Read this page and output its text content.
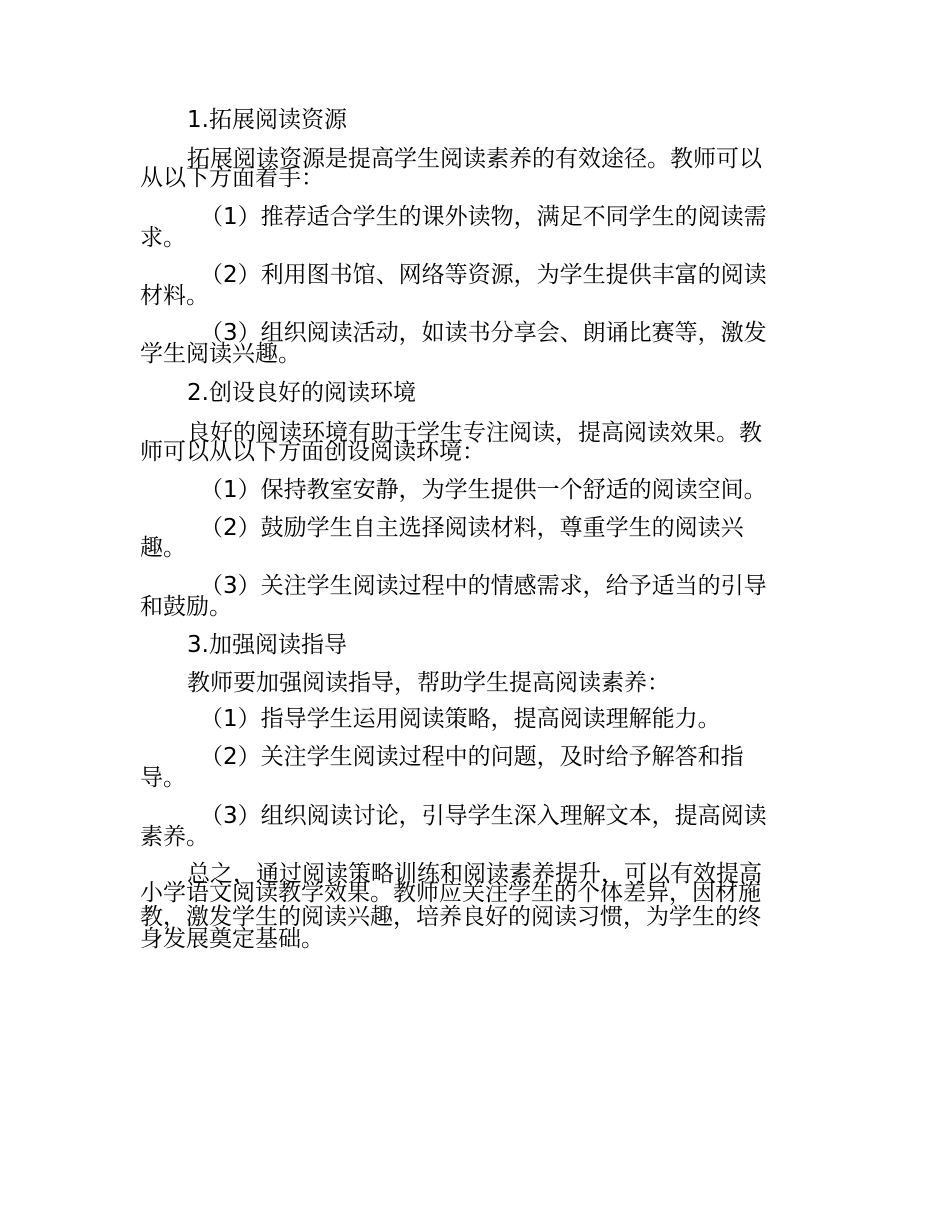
1.拓展阅读资源
拓展阅读资源是提高学生阅读素养的有效途径。教师可以
从以下方面着手：
（1）推荐适合学生的课外读物，满足不同学生的阅读需
求。
（2）利用图书馆、网络等资源，为学生提供丰富的阅读
材料。
（3）组织阅读活动，如读书分享会、朗诵比赛等，激发
学生阅读兴趣。
2.创设良好的阅读环境
良好的阅读环境有助于学生专注阅读，提高阅读效果。教
师可以从以下方面创设阅读环境：
（1）保持教室安静，为学生提供一个舒适的阅读空间。
（2）鼓励学生自主选择阅读材料，尊重学生的阅读兴
趣。
（3）关注学生阅读过程中的情感需求，给予适当的引导
和鼓励。
3.加强阅读指导
教师要加强阅读指导，帮助学生提高阅读素养：
（1）指导学生运用阅读策略，提高阅读理解能力。
（2）关注学生阅读过程中的问题，及时给予解答和指
导。
（3）组织阅读讨论，引导学生深入理解文本，提高阅读
素养。
总之，通过阅读策略训练和阅读素养提升，可以有效提高
小学语文阅读教学效果。教师应关注学生的个体差异，因材施
教，激发学生的阅读兴趣，培养良好的阅读习惯，为学生的终
身发展奠定基础。
